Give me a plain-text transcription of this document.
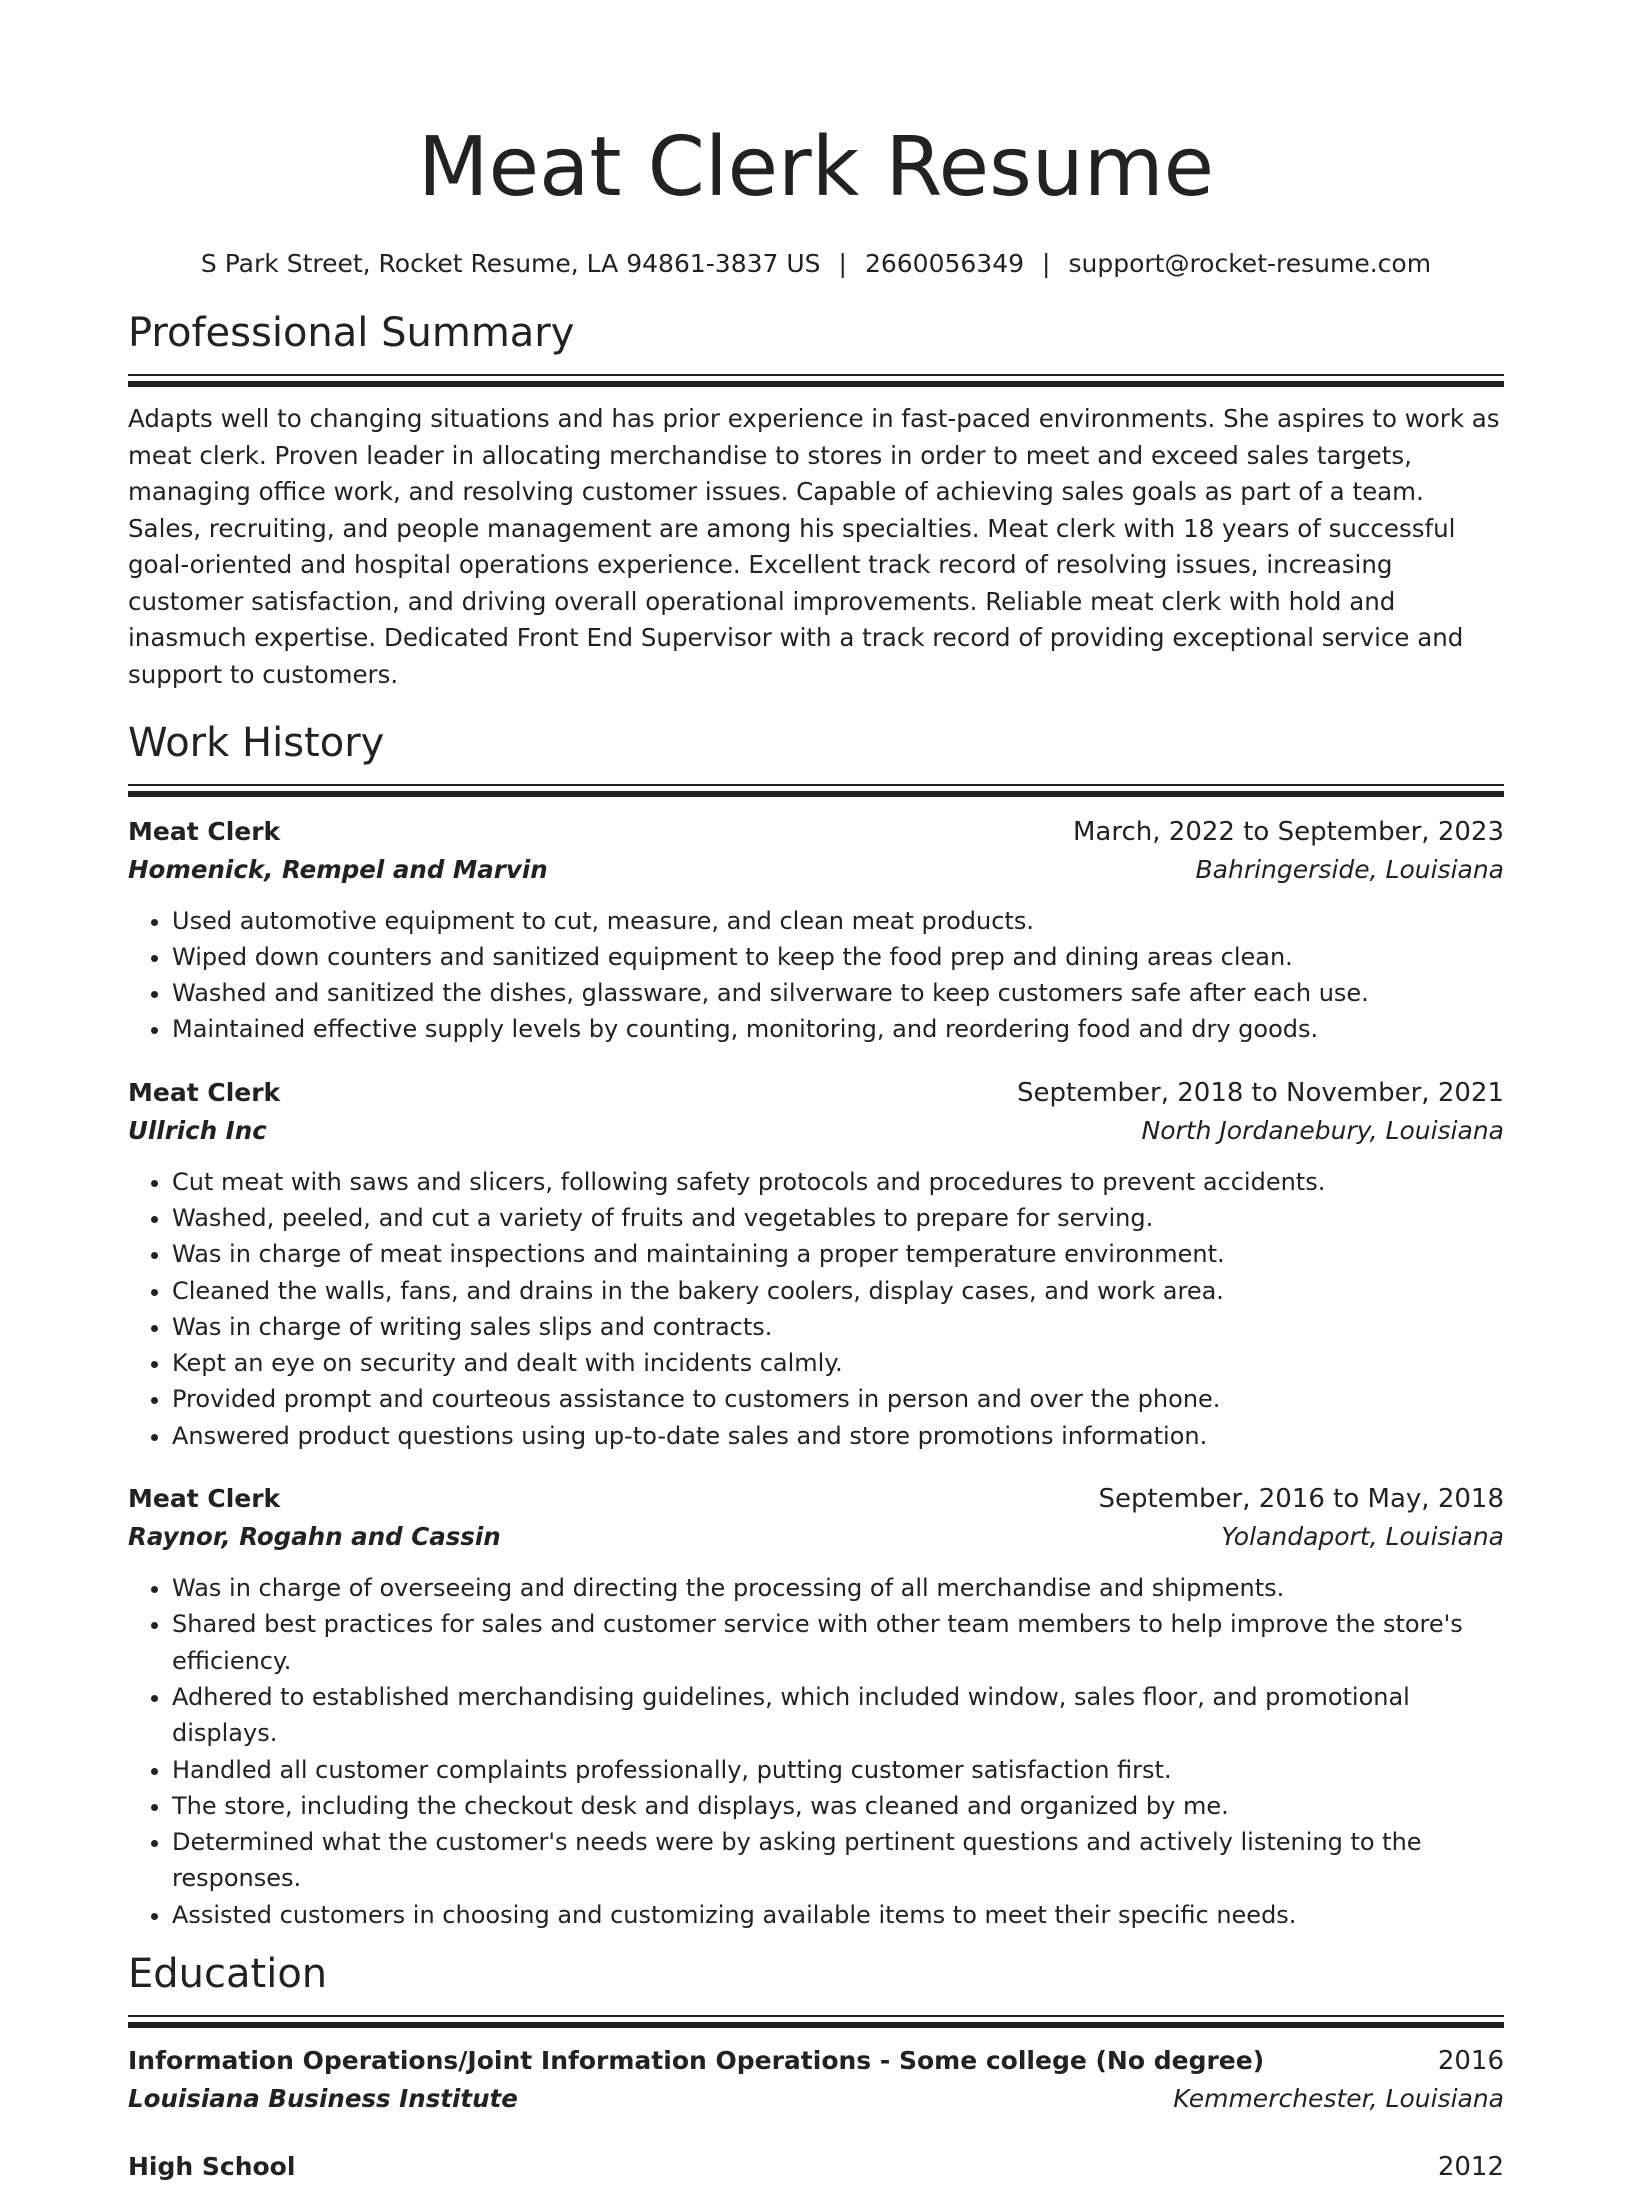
Meat Clerk Resume
S Park Street, Rocket Resume, LA 94861-3837 US | 2660056349 | support@rocket-resume.com
Professional Summary

Adapts well to changing situations and has prior experience in fast-paced environments. She aspires to work as meat clerk. Proven leader in allocating merchandise to stores in order to meet and exceed sales targets, managing office work, and resolving customer issues. Capable of achieving sales goals as part of a team. Sales, recruiting, and people management are among his specialties. Meat clerk with 18 years of successful goal-oriented and hospital operations experience. Excellent track record of resolving issues, increasing customer satisfaction, and driving overall operational improvements. Reliable meat clerk with hold and inasmuch expertise. Dedicated Front End Supervisor with a track record of providing exceptional service and support to customers.

Work History
Meat Clerk	March, 2022 to September, 2023
Homenick, Rempel and Marvin	Bahringerside, Louisiana
• Used automotive equipment to cut, measure, and clean meat products.
• Wiped down counters and sanitized equipment to keep the food prep and dining areas clean.
• Washed and sanitized the dishes, glassware, and silverware to keep customers safe after each use.
• Maintained effective supply levels by counting, monitoring, and reordering food and dry goods.
Meat Clerk	September, 2018 to November, 2021
Ullrich Inc	North Jordanebury, Louisiana
• Cut meat with saws and slicers, following safety protocols and procedures to prevent accidents.
• Washed, peeled, and cut a variety of fruits and vegetables to prepare for serving.
• Was in charge of meat inspections and maintaining a proper temperature environment.
• Cleaned the walls, fans, and drains in the bakery coolers, display cases, and work area.
• Was in charge of writing sales slips and contracts.
• Kept an eye on security and dealt with incidents calmly.
• Provided prompt and courteous assistance to customers in person and over the phone.
• Answered product questions using up-to-date sales and store promotions information.
Meat Clerk	September, 2016 to May, 2018
Raynor, Rogahn and Cassin	Yolandaport, Louisiana
• Was in charge of overseeing and directing the processing of all merchandise and shipments.
• Shared best practices for sales and customer service with other team members to help improve the store's efficiency.
• Adhered to established merchandising guidelines, which included window, sales floor, and promotional displays.
• Handled all customer complaints professionally, putting customer satisfaction first.
• The store, including the checkout desk and displays, was cleaned and organized by me.
• Determined what the customer's needs were by asking pertinent questions and actively listening to the responses.
• Assisted customers in choosing and customizing available items to meet their specific needs.
Education
Information Operations/Joint Information Operations - Some college (No degree)	2016
Louisiana Business Institute	Kemmerchester, Louisiana
High School	2012
